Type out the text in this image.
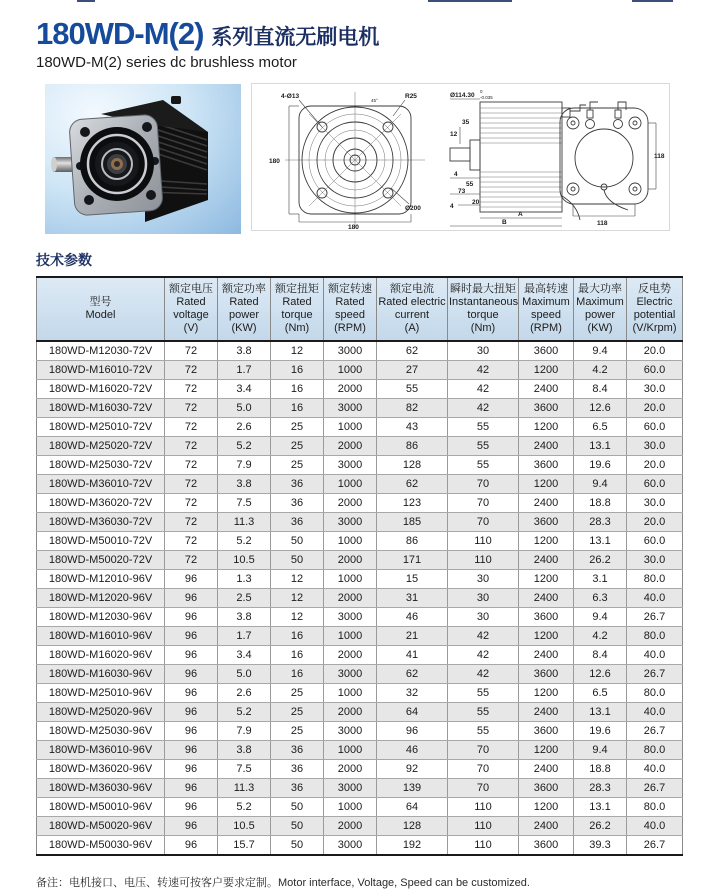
180WD-M(2) 系列直流无刷电机
180WD-M(2) series dc brushless motor
180
180
4-Ø13
45°
R25
Ø200
Ø114.30
0
-0.035
35
12
4
55
73
4
20
A
B
118
118
技术参数
型号
Model

额定电压
Rated voltage
(V)

额定功率
Rated power
(KW)

额定扭矩
Rated torque
(Nm)

额定转速
Rated speed
(RPM)

额定电流
Rated electric current
(A)

瞬时最大扭矩
Instantaneous torque
(Nm)

最高转速
Maximum speed
(RPM)

最大功率
Maximum power
(KW)

反电势
Electric potential
(V/Krpm)

180WD-M12030-72V	72	3.8	12	3000	62	30	3600	9.4	20.0
180WD-M16010-72V	72	1.7	16	1000	27	42	1200	4.2	60.0
180WD-M16020-72V	72	3.4	16	2000	55	42	2400	8.4	30.0
180WD-M16030-72V	72	5.0	16	3000	82	42	3600	12.6	20.0
180WD-M25010-72V	72	2.6	25	1000	43	55	1200	6.5	60.0
180WD-M25020-72V	72	5.2	25	2000	86	55	2400	13.1	30.0
180WD-M25030-72V	72	7.9	25	3000	128	55	3600	19.6	20.0
180WD-M36010-72V	72	3.8	36	1000	62	70	1200	9.4	60.0
180WD-M36020-72V	72	7.5	36	2000	123	70	2400	18.8	30.0
180WD-M36030-72V	72	11.3	36	3000	185	70	3600	28.3	20.0
180WD-M50010-72V	72	5.2	50	1000	86	110	1200	13.1	60.0
180WD-M50020-72V	72	10.5	50	2000	171	110	2400	26.2	30.0
180WD-M12010-96V	96	1.3	12	1000	15	30	1200	3.1	80.0
180WD-M12020-96V	96	2.5	12	2000	31	30	2400	6.3	40.0
180WD-M12030-96V	96	3.8	12	3000	46	30	3600	9.4	26.7
180WD-M16010-96V	96	1.7	16	1000	21	42	1200	4.2	80.0
180WD-M16020-96V	96	3.4	16	2000	41	42	2400	8.4	40.0
180WD-M16030-96V	96	5.0	16	3000	62	42	3600	12.6	26.7
180WD-M25010-96V	96	2.6	25	1000	32	55	1200	6.5	80.0
180WD-M25020-96V	96	5.2	25	2000	64	55	2400	13.1	40.0
180WD-M25030-96V	96	7.9	25	3000	96	55	3600	19.6	26.7
180WD-M36010-96V	96	3.8	36	1000	46	70	1200	9.4	80.0
180WD-M36020-96V	96	7.5	36	2000	92	70	2400	18.8	40.0
180WD-M36030-96V	96	11.3	36	3000	139	70	3600	28.3	26.7
180WD-M50010-96V	96	5.2	50	1000	64	110	1200	13.1	80.0
180WD-M50020-96V	96	10.5	50	2000	128	110	2400	26.2	40.0
180WD-M50030-96V	96	15.7	50	3000	192	110	3600	39.3	26.7
备注：电机接口、电压、转速可按客户要求定制。Motor interface, Voltage, Speed can be customized.
